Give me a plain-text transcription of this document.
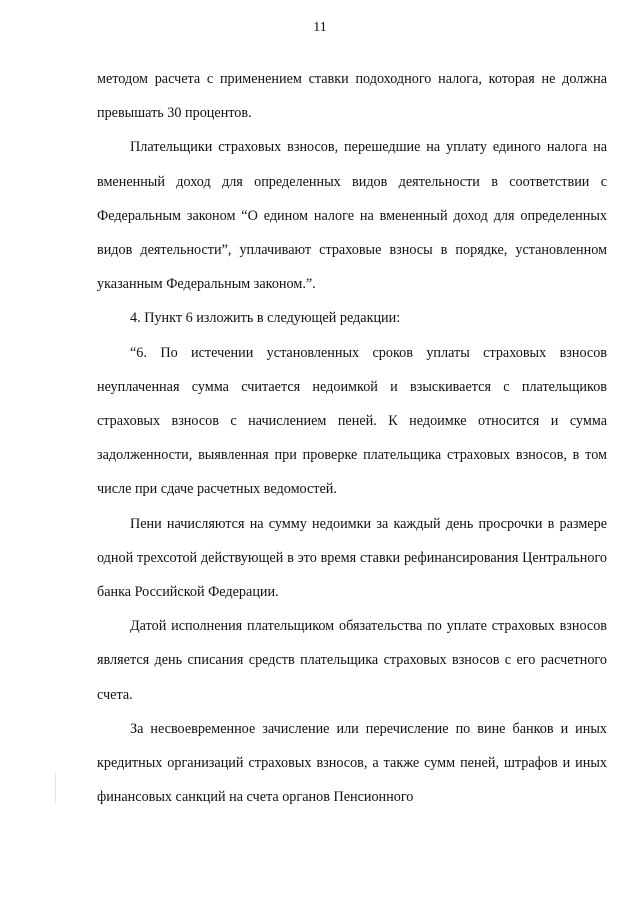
11

методом расчета с применением ставки подоходного налога, которая не должна превышать 30 процентов.

Плательщики страховых взносов, перешедшие на уплату единого налога на вмененный доход для определенных видов деятельности в соответствии с Федеральным законом “О едином налоге на вмененный доход для определенных видов деятельности”, уплачивают страховые взносы в порядке, установленном указанным Федеральным законом.”.

4. Пункт 6 изложить в следующей редакции:

“6. По истечении установленных сроков уплаты страховых взносов неуплаченная сумма считается недоимкой и взыскивается с плательщиков страховых взносов с начислением пеней. К недоимке относится и сумма задолженности, выявленная при проверке плательщика страховых взносов, в том числе при сдаче расчетных ведомостей.

Пени начисляются на сумму недоимки за каждый день просрочки в размере одной трехсотой действующей в это время ставки рефинансирования Центрального банка Российской Федерации.

Датой исполнения плательщиком обязательства по уплате страховых взносов является день списания средств плательщика страховых взносов с его расчетного счета.

За несвоевременное зачисление или перечисление по вине банков и иных кредитных организаций страховых взносов, а также сумм пеней, штрафов и иных финансовых санкций на счета органов Пенсионного
